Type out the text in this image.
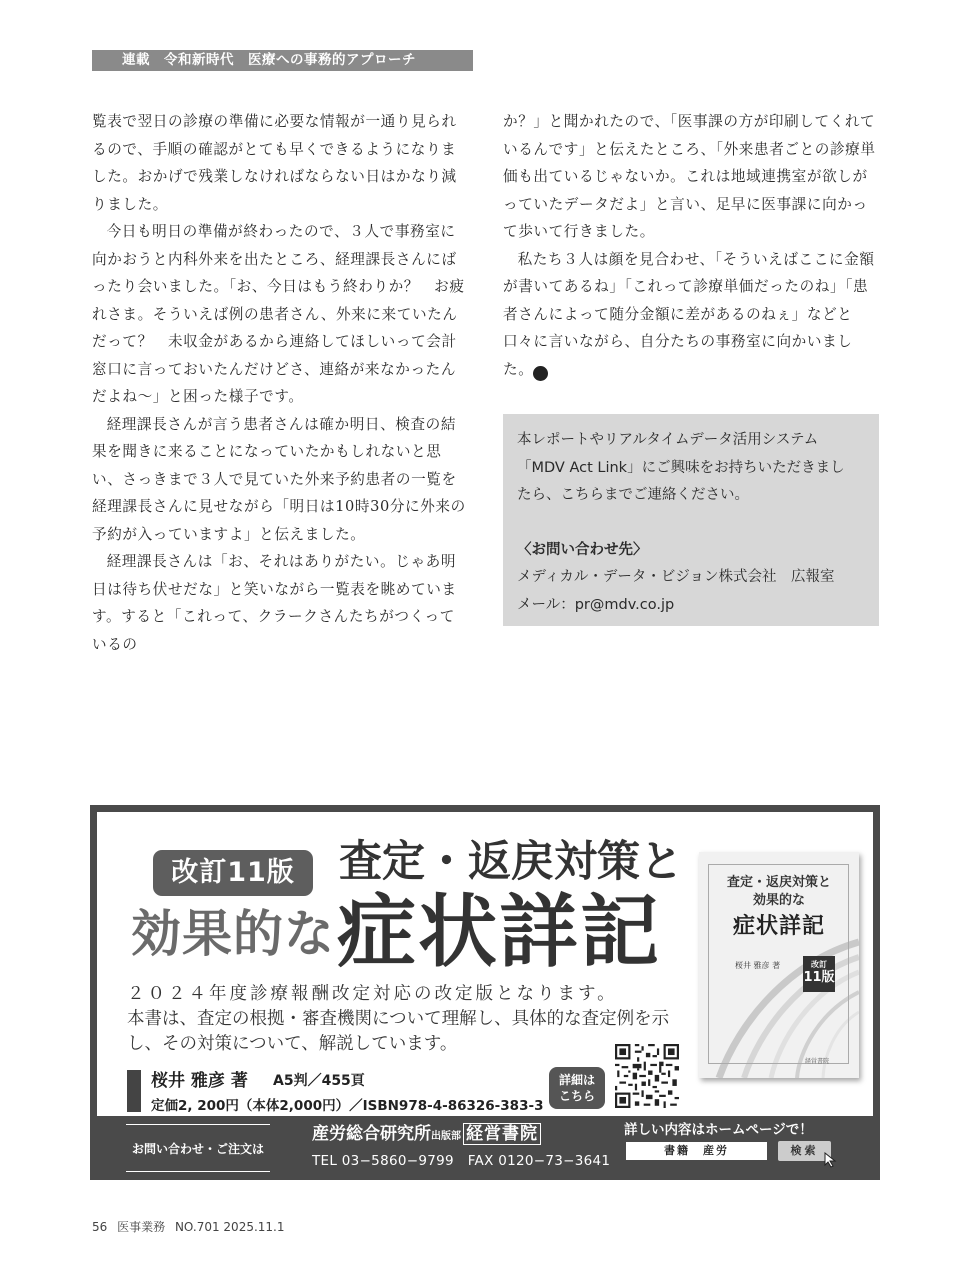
連載　令和新時代　医療への事務的アプローチ

覧表で翌日の診療の準備に必要な情報が一通り見られるので、手順の確認がとても早くできるようになりました。おかげで残業しなければならない日はかなり減りました。

今日も明日の準備が終わったので、３人で事務室に向かおうと内科外来を出たところ、経理課長さんにばったり会いました。「お、今日はもう終わりか？　お疲れさま。そういえば例の患者さん、外来に来ていたんだって？　未収金があるから連絡してほしいって会計窓口に言っておいたんだけどさ、連絡が来なかったんだよね〜」と困った様子です。

経理課長さんが言う患者さんは確か明日、検査の結果を聞きに来ることになっていたかもしれないと思い、さっきまで３人で見ていた外来予約患者の一覧を経理課長さんに見せながら「明日は10時30分に外来の予約が入っていますよ」と伝えました。

経理課長さんは「お、それはありがたい。じゃあ明日は待ち伏せだな」と笑いながら一覧表を眺めています。すると「これって、クラークさんたちがつくっているの

か？」と聞かれたので、「医事課の方が印刷してくれているんです」と伝えたところ、「外来患者ごとの診療単価も出ているじゃないか。これは地域連携室が欲しがっていたデータだよ」と言い、足早に医事課に向かって歩いて行きました。

私たち３人は顔を見合わせ、「そういえばここに金額が書いてあるね」「これって診療単価だったのね」「患者さんによって随分金額に差があるのねぇ」などと口々に言いながら、自分たちの事務室に向かいました。 M

本レポートやリアルタイムデータ活用システム

「MDV Act Link」にご興味をお持ちいただきまし

たら、こちらまでご連絡ください。

〈お問い合わせ先〉

メディカル・データ・ビジョン株式会社　広報室

メール：pr@mdv.co.jp

改訂11版	査定・返戻対策と
効果的な 症状詳記

２０２４年度診療報酬改定対応の改定版となります。

本書は、査定の根拠・審査機関について理解し、具体的な査定例を示

し、その対策について、解説しています。

桜井 雅彦 著 A5判／455頁
定価2, 200円（本体2,000円）／ISBN978-4-86326-383-3
詳細は
こちら
査定・返戻対策と
効果的な
症状詳記
桜井 雅彦 著	改訂
11版
経営書院
お問い合わせ・ご注文は
産労総合研究所出版部 経営書院
TEL 03−5860−9799　FAX 0120−73−3641
詳しい内容はホームページで！
書籍　産労	検索
56 医事業務 NO.701 2025.11.1
